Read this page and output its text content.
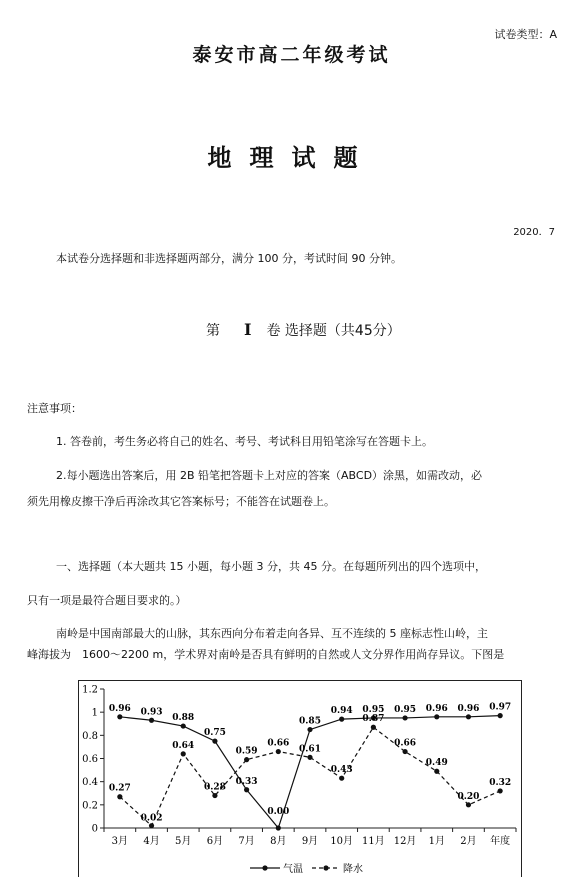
试卷类型：A
泰安市高二年级考试
地理试题
2020．7
本试卷分选择题和非选择题两部分，满分 100 分，考试时间 90 分钟。
第 Ⅰ 卷 选择题（共45分）
注意事项：
1. 答卷前，考生务必将自己的姓名、考号、考试科目用铅笔涂写在答题卡上。
2.每小题选出答案后，用 2B 铅笔把答题卡上对应的答案（ABCD）涂黑，如需改动，必
须先用橡皮擦干净后再涂改其它答案标号；不能答在试题卷上。
一、选择题（本大题共 15 小题，每小题 3 分，共 45 分。在每题所列出的四个选项中，
只有一项是最符合题目要求的。）
南岭是中国南部最大的山脉，其东西向分布着走向各异、互不连续的 5 座标志性山岭，主
峰海拔为　1600～2200 m，学术界对南岭是否具有鲜明的自然或人文分界作用尚存异议。下图是
0
0.2
0.4
0.6
0.8
1
1.2
3月 4月 5月 6月 7月 8月 9月 10月 11月 12月 1月 2月 年度
0.96 0.93
0.88
0.75
0.33
0.00
0.85
0.94 0.95 0.95 0.96 0.96 0.97
0.27
0.02
0.64
0.28
0.59
0.66
0.61
0.43
0.87
0.66
0.49
0.20
0.32
气温	降水
